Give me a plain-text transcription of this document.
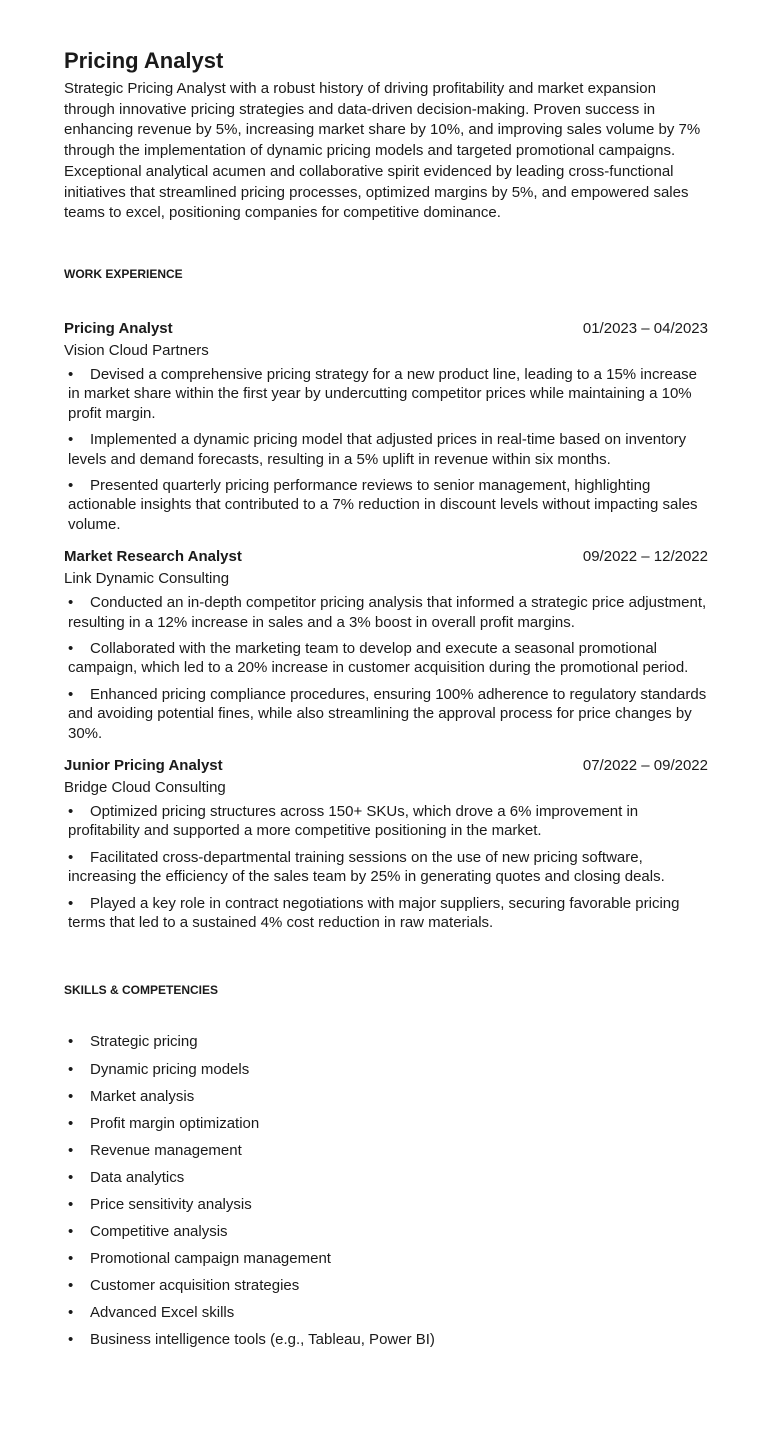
Pricing Analyst

Strategic Pricing Analyst with a robust history of driving profitability and market expansion through innovative pricing strategies and data-driven decision-making. Proven success in enhancing revenue by 5%, increasing market share by 10%, and improving sales volume by 7% through the implementation of dynamic pricing models and targeted promotional campaigns. Exceptional analytical acumen and collaborative spirit evidenced by leading cross-functional initiatives that streamlined pricing processes, optimized margins by 5%, and empowered sales teams to excel, positioning companies for competitive dominance.

WORK EXPERIENCE
Pricing Analyst	01/2023 – 04/2023
Vision Cloud Partners
• Devised a comprehensive pricing strategy for a new product line, leading to a 15% increase in market share within the first year by undercutting competitor prices while maintaining a 10% profit margin.
• Implemented a dynamic pricing model that adjusted prices in real-time based on inventory levels and demand forecasts, resulting in a 5% uplift in revenue within six months.
• Presented quarterly pricing performance reviews to senior management, highlighting actionable insights that contributed to a 7% reduction in discount levels without impacting sales volume.
Market Research Analyst	09/2022 – 12/2022
Link Dynamic Consulting
• Conducted an in-depth competitor pricing analysis that informed a strategic price adjustment, resulting in a 12% increase in sales and a 3% boost in overall profit margins.
• Collaborated with the marketing team to develop and execute a seasonal promotional campaign, which led to a 20% increase in customer acquisition during the promotional period.
• Enhanced pricing compliance procedures, ensuring 100% adherence to regulatory standards and avoiding potential fines, while also streamlining the approval process for price changes by 30%.
Junior Pricing Analyst	07/2022 – 09/2022
Bridge Cloud Consulting
• Optimized pricing structures across 150+ SKUs, which drove a 6% improvement in profitability and supported a more competitive positioning in the market.
• Facilitated cross-departmental training sessions on the use of new pricing software, increasing the efficiency of the sales team by 25% in generating quotes and closing deals.
• Played a key role in contract negotiations with major suppliers, securing favorable pricing terms that led to a sustained 4% cost reduction in raw materials.
SKILLS & COMPETENCIES
•	Strategic pricing
•	Dynamic pricing models
•	Market analysis
•	Profit margin optimization
•	Revenue management
•	Data analytics
•	Price sensitivity analysis
•	Competitive analysis
•	Promotional campaign management
•	Customer acquisition strategies
•	Advanced Excel skills
•	Business intelligence tools (e.g., Tableau, Power BI)
